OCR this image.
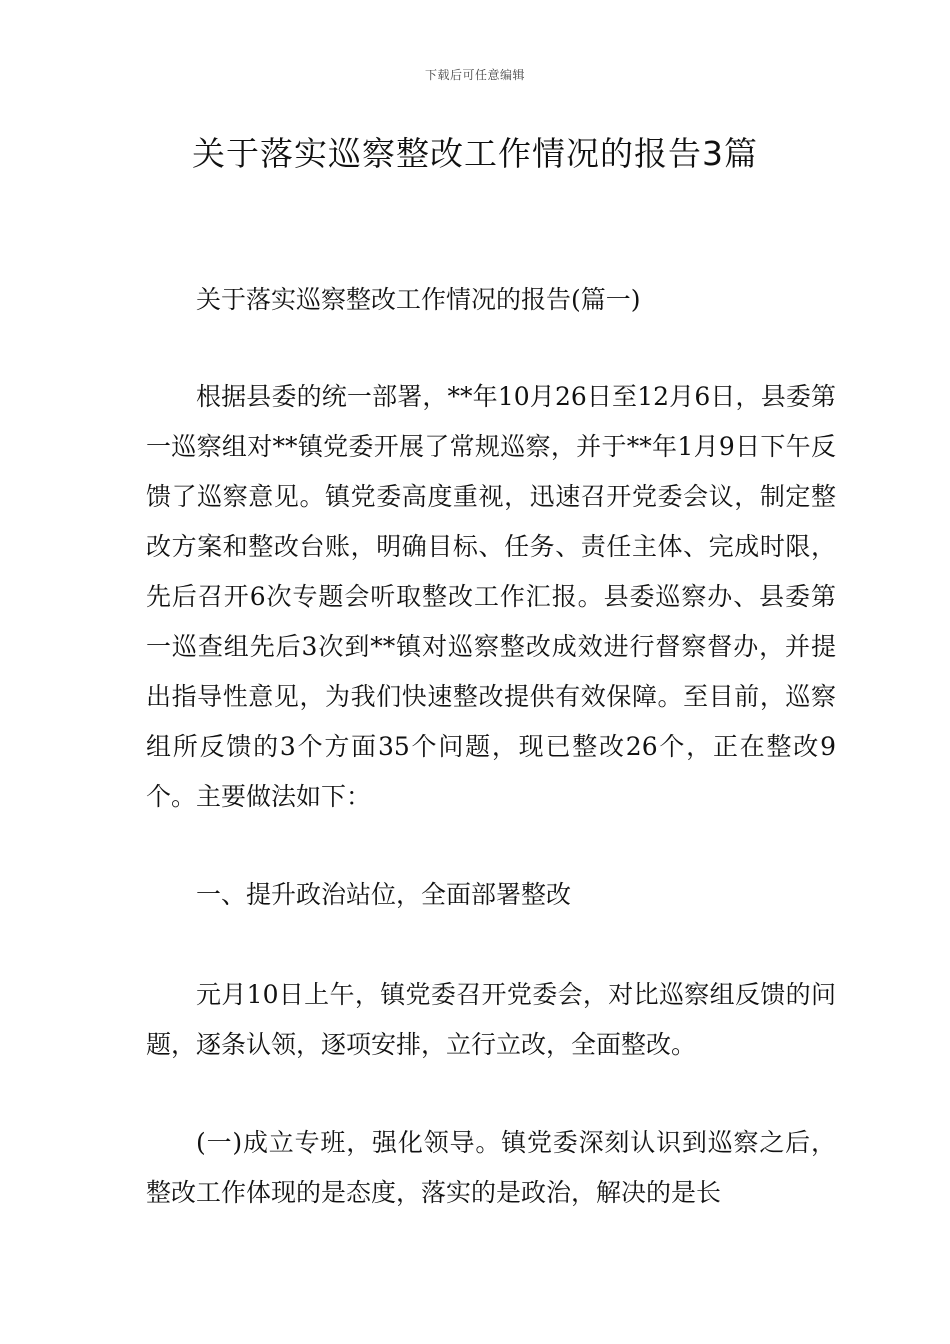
下载后可任意编辑
关于落实巡察整改工作情况的报告3篇

关于落实巡察整改工作情况的报告(篇一)

根据县委的统一部署，**年10月26日至12月6日，县委第一巡察组对**镇党委开展了常规巡察，并于**年1月9日下午反馈了巡察意见。镇党委高度重视，迅速召开党委会议，制定整改方案和整改台账，明确目标、任务、责任主体、完成时限，先后召开6次专题会听取整改工作汇报。县委巡察办、县委第一巡查组先后3次到**镇对巡察整改成效进行督察督办，并提出指导性意见，为我们快速整改提供有效保障。至目前，巡察组所反馈的3个方面35个问题，现已整改26个，正在整改9个。主要做法如下：

一、提升政治站位，全面部署整改

元月10日上午，镇党委召开党委会，对比巡察组反馈的问题，逐条认领，逐项安排，立行立改，全面整改。

(一)成立专班，强化领导。镇党委深刻认识到巡察之后，整改工作体现的是态度，落实的是政治，解决的是长
